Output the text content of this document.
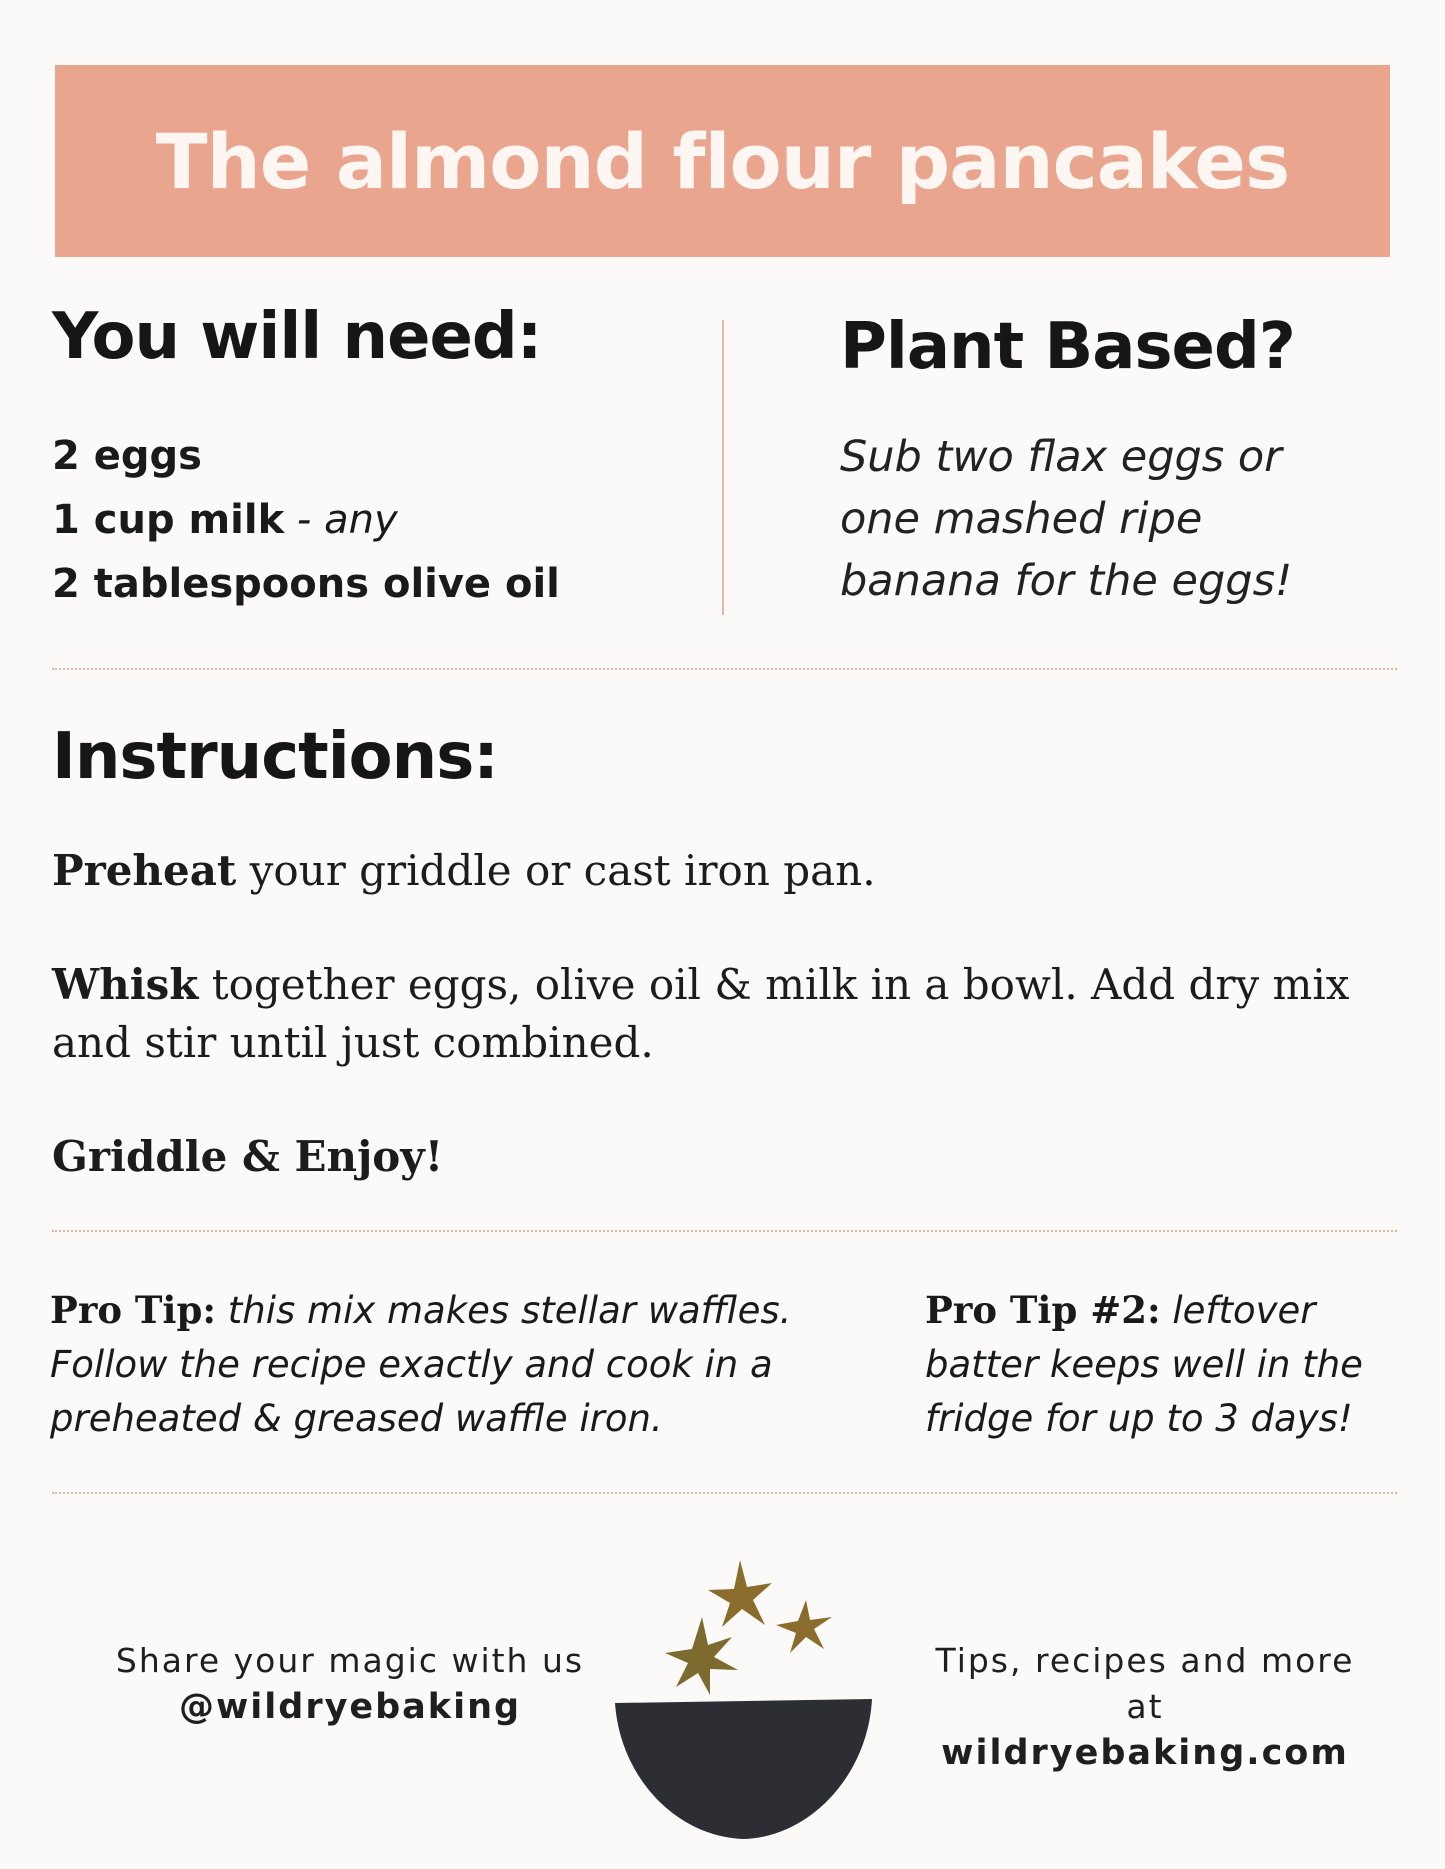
The almond flour pancakes
You will need:
2 eggs
1 cup milk - any
2 tablespoons olive oil
Plant Based?
Sub two flax eggs or
one mashed ripe
banana for the eggs!
Instructions:

Preheat your griddle or cast iron pan.

Whisk together eggs, olive oil & milk in a bowl. Add dry mix and stir until just combined.

Griddle & Enjoy!

Pro Tip: this mix makes stellar waffles. Follow the recipe exactly and cook in a preheated & greased waffle iron.
Pro Tip #2: leftover batter keeps well in the fridge for up to 3 days!
Share your magic with us
@wildryebaking
Tips, recipes and more at
wildryebaking.com
